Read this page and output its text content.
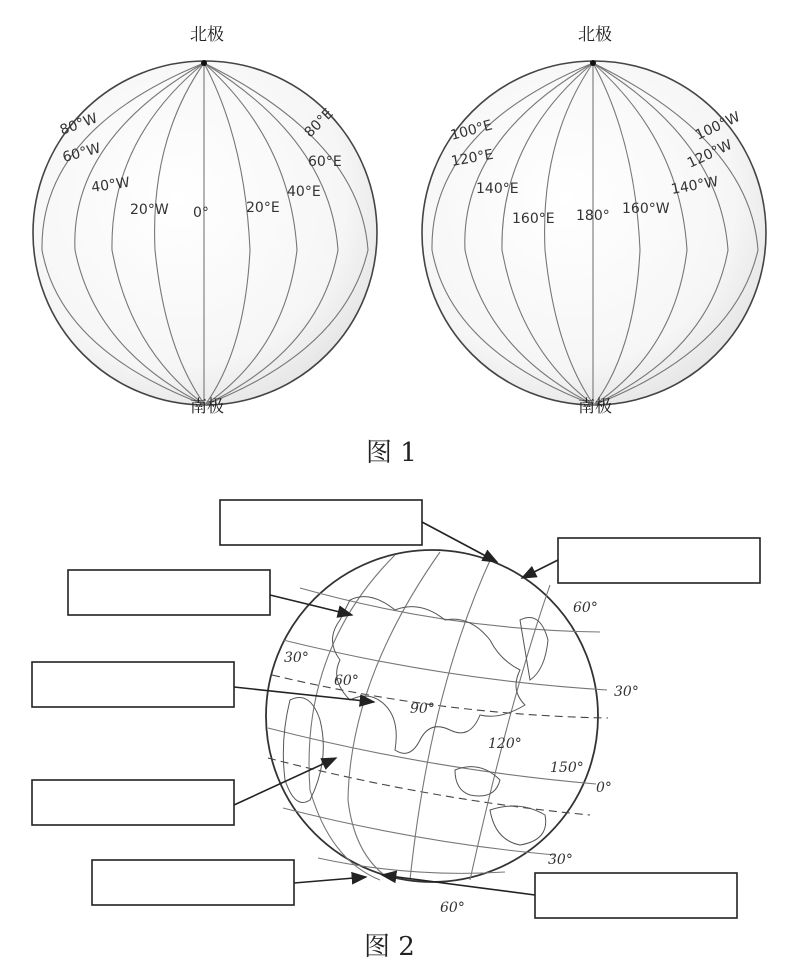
北极
南极
80°W
60°W
40°W
20°W 0°	20°E
40°E
60°E
80°E
北极
南极
100°E
120°E
140°E
160°E 180° 160°W
140°W
120°W
100°W
图 1
60°
30°
0°
30°
60°
30°
60°
90°
120°
150°
图 2
